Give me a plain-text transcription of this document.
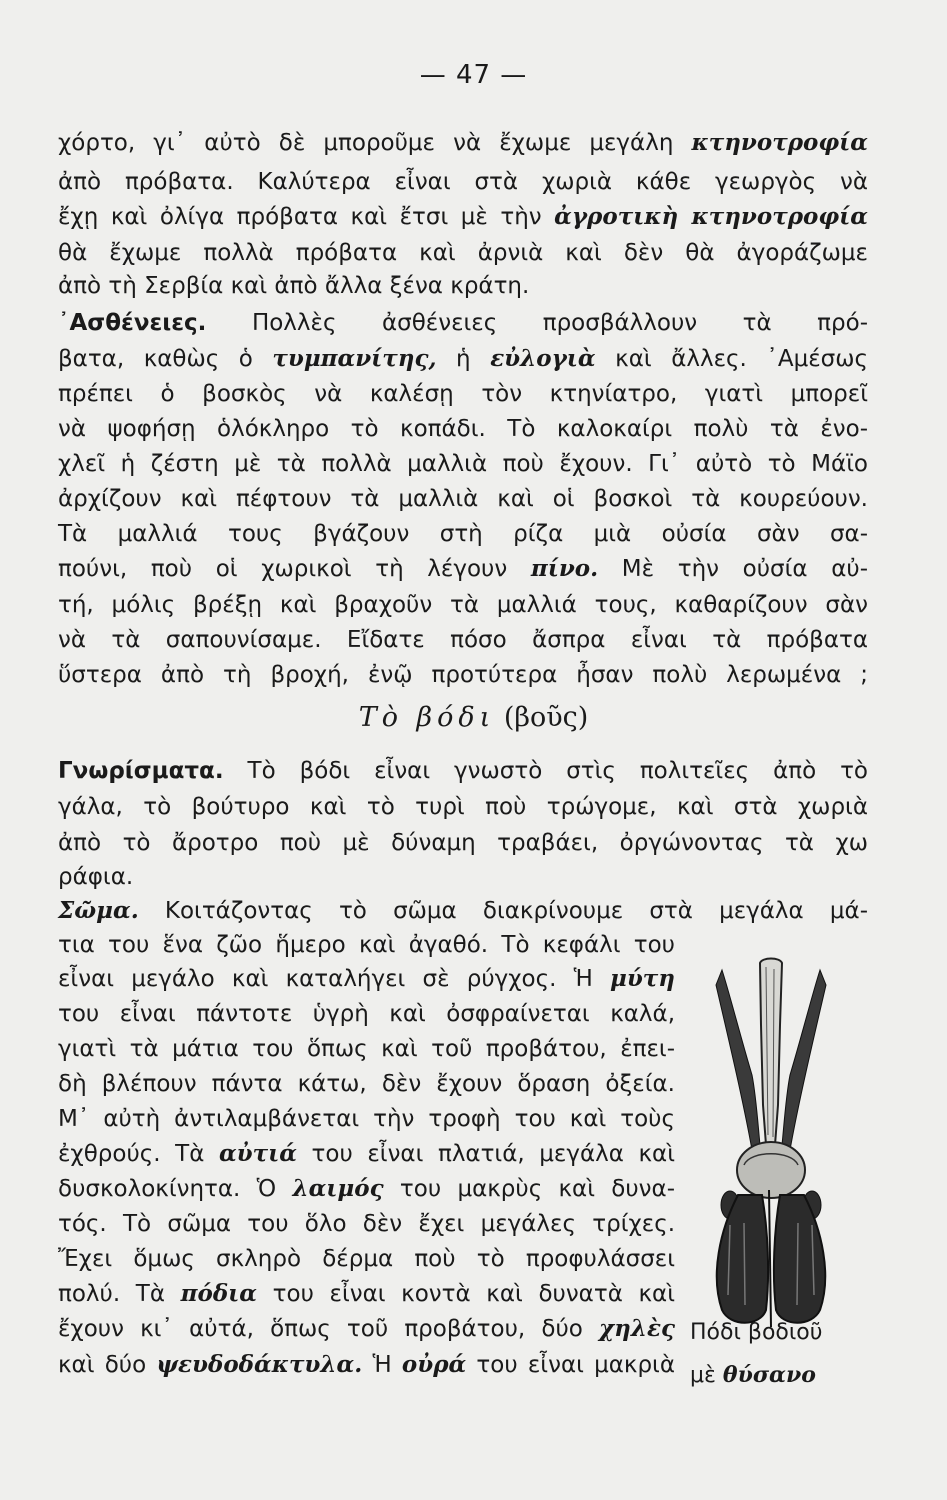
— 47 —
χόρτο, γι᾿ αὐτὸ δὲ μποροῦμε νὰ ἔχωμε μεγάλη κτηνοτροφία
ἀπὸ πρόβατα. Καλύτερα εἶναι στὰ χωριὰ κάθε γεωργὸς νὰ
ἔχῃ καὶ ὀλίγα πρόβατα καὶ ἔτσι μὲ τὴν ἀγροτικὴ κτηνοτροφία
θὰ ἔχωμε πολλὰ πρόβατα καὶ ἀρνιὰ καὶ δὲν θὰ ἀγοράζωμε
ἀπὸ τὴ Σερβία καὶ ἀπὸ ἄλλα ξένα κράτη.
᾿Ασθένειες. Πολλὲς ἀσθένειες προσβάλλουν τὰ πρό-
βατα, καθὼς ὁ τυμπανίτης, ἡ εὐλογιὰ καὶ ἄλλες. ᾿Αμέσως
πρέπει ὁ βοσκὸς νὰ καλέσῃ τὸν κτηνίατρο, γιατὶ μπορεῖ
νὰ ψοφήσῃ ὁλόκληρο τὸ κοπάδι. Τὸ καλοκαίρι πολὺ τὰ ἐνο-
χλεῖ ἡ ζέστη μὲ τὰ πολλὰ μαλλιὰ ποὺ ἔχουν. Γι᾿ αὐτὸ τὸ Μάϊο
ἀρχίζουν καὶ πέφτουν τὰ μαλλιὰ καὶ οἱ βοσκοὶ τὰ κουρεύουν.
Τὰ μαλλιά τους βγάζουν στὴ ρίζα μιὰ οὐσία σὰν σα-
πούνι, ποὺ οἱ χωρικοὶ τὴ λέγουν πίνο. Μὲ τὴν οὐσία αὐ-
τή, μόλις βρέξῃ καὶ βραχοῦν τὰ μαλλιά τους, καθαρίζουν σὰν
νὰ τὰ σαπουνίσαμε. Εἴδατε πόσο ἄσπρα εἶναι τὰ πρόβατα
ὕστερα ἀπὸ τὴ βροχή, ἐνῷ προτύτερα ἦσαν πολὺ λερωμένα ;
Τὸ βόδι (βοῦς)
Γνωρίσματα. Τὸ βόδι εἶναι γνωστὸ στὶς πολιτεῖες ἀπὸ τὸ
γάλα, τὸ βούτυρο καὶ τὸ τυρὶ ποὺ τρώγομε, καὶ στὰ χωριὰ
ἀπὸ τὸ ἄροτρο ποὺ μὲ δύναμη τραβάει, ὀργώνοντας τὰ χω
ράφια.
Σῶμα. Κοιτάζοντας τὸ σῶμα διακρίνουμε στὰ μεγάλα μά-
τια του ἕνα ζῶο ἥμερο καὶ ἀγαθό. Τὸ κεφάλι του
εἶναι μεγάλο καὶ καταλήγει σὲ ρύγχος. Ἡ μύτη
του εἶναι πάντοτε ὑγρὴ καὶ ὀσφραίνεται καλά,
γιατὶ τὰ μάτια του ὅπως καὶ τοῦ προβάτου, ἐπει-
δὴ βλέπουν πάντα κάτω, δὲν ἔχουν ὅραση ὀξεία.
Μ᾿ αὐτὴ ἀντιλαμβάνεται τὴν τροφὴ του καὶ τοὺς
ἐχθρούς. Τὰ αὐτιά του εἶναι πλατιά, μεγάλα καὶ
δυσκολοκίνητα. Ὁ λαιμός του μακρὺς καὶ δυνα-
τός. Τὸ σῶμα του ὅλο δὲν ἔχει μεγάλες τρίχες.
Ἔχει ὅμως σκληρὸ δέρμα ποὺ τὸ προφυλάσσει
πολύ. Τὰ πόδια του εἶναι κοντὰ καὶ δυνατὰ καὶ
ἔχουν κι᾿ αὐτά, ὅπως τοῦ προβάτου, δύο χηλὲς
καὶ δύο ψευδοδάκτυλα. Ἡ οὐρά του εἶναι μακριὰ
Πόδι βοδιοῦ
μὲ θύσανο
